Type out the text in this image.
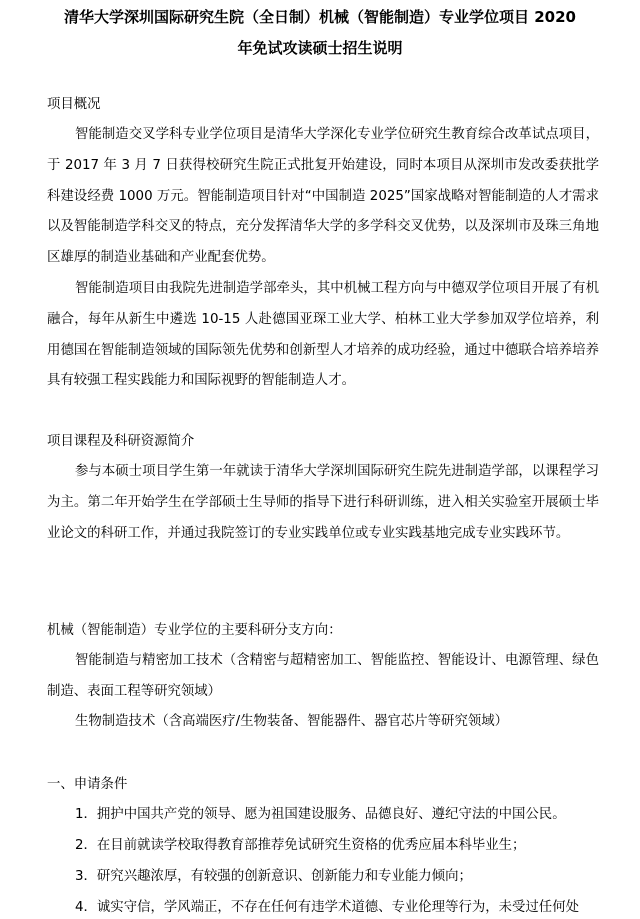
清华大学深圳国际研究生院（全日制）机械（智能制造）专业学位项目 2020
年免试攻读硕士招生说明
项目概况

智能制造交叉学科专业学位项目是清华大学深化专业学位研究生教育综合改革试点项目，于 2017 年 3 月 7 日获得校研究生院正式批复开始建设，同时本项目从深圳市发改委获批学科建设经费 1000 万元。智能制造项目针对“中国制造 2025”国家战略对智能制造的人才需求以及智能制造学科交叉的特点，充分发挥清华大学的多学科交叉优势，以及深圳市及珠三角地区雄厚的制造业基础和产业配套优势。

智能制造项目由我院先进制造学部牵头，其中机械工程方向与中德双学位项目开展了有机融合，每年从新生中遴选 10-15 人赴德国亚琛工业大学、柏林工业大学参加双学位培养，利用德国在智能制造领域的国际领先优势和创新型人才培养的成功经验，通过中德联合培养培养具有较强工程实践能力和国际视野的智能制造人才。

项目课程及科研资源简介

参与本硕士项目学生第一年就读于清华大学深圳国际研究生院先进制造学部，以课程学习为主。第二年开始学生在学部硕士生导师的指导下进行科研训练，进入相关实验室开展硕士毕业论文的科研工作，并通过我院签订的专业实践单位或专业实践基地完成专业实践环节。

机械（智能制造）专业学位的主要科研分支方向：

智能制造与精密加工技术（含精密与超精密加工、智能监控、智能设计、电源管理、绿色制造、表面工程等研究领域）

生物制造技术（含高端医疗/生物装备、智能器件、器官芯片等研究领域）
一、申请条件
1．拥护中国共产党的领导、愿为祖国建设服务、品德良好、遵纪守法的中国公民。
2．在目前就读学校取得教育部推荐免试研究生资格的优秀应届本科毕业生；
3．研究兴趣浓厚，有较强的创新意识、创新能力和专业能力倾向；
4．诚实守信，学风端正，不存在任何有违学术道德、专业伦理等行为，未受过任何处
